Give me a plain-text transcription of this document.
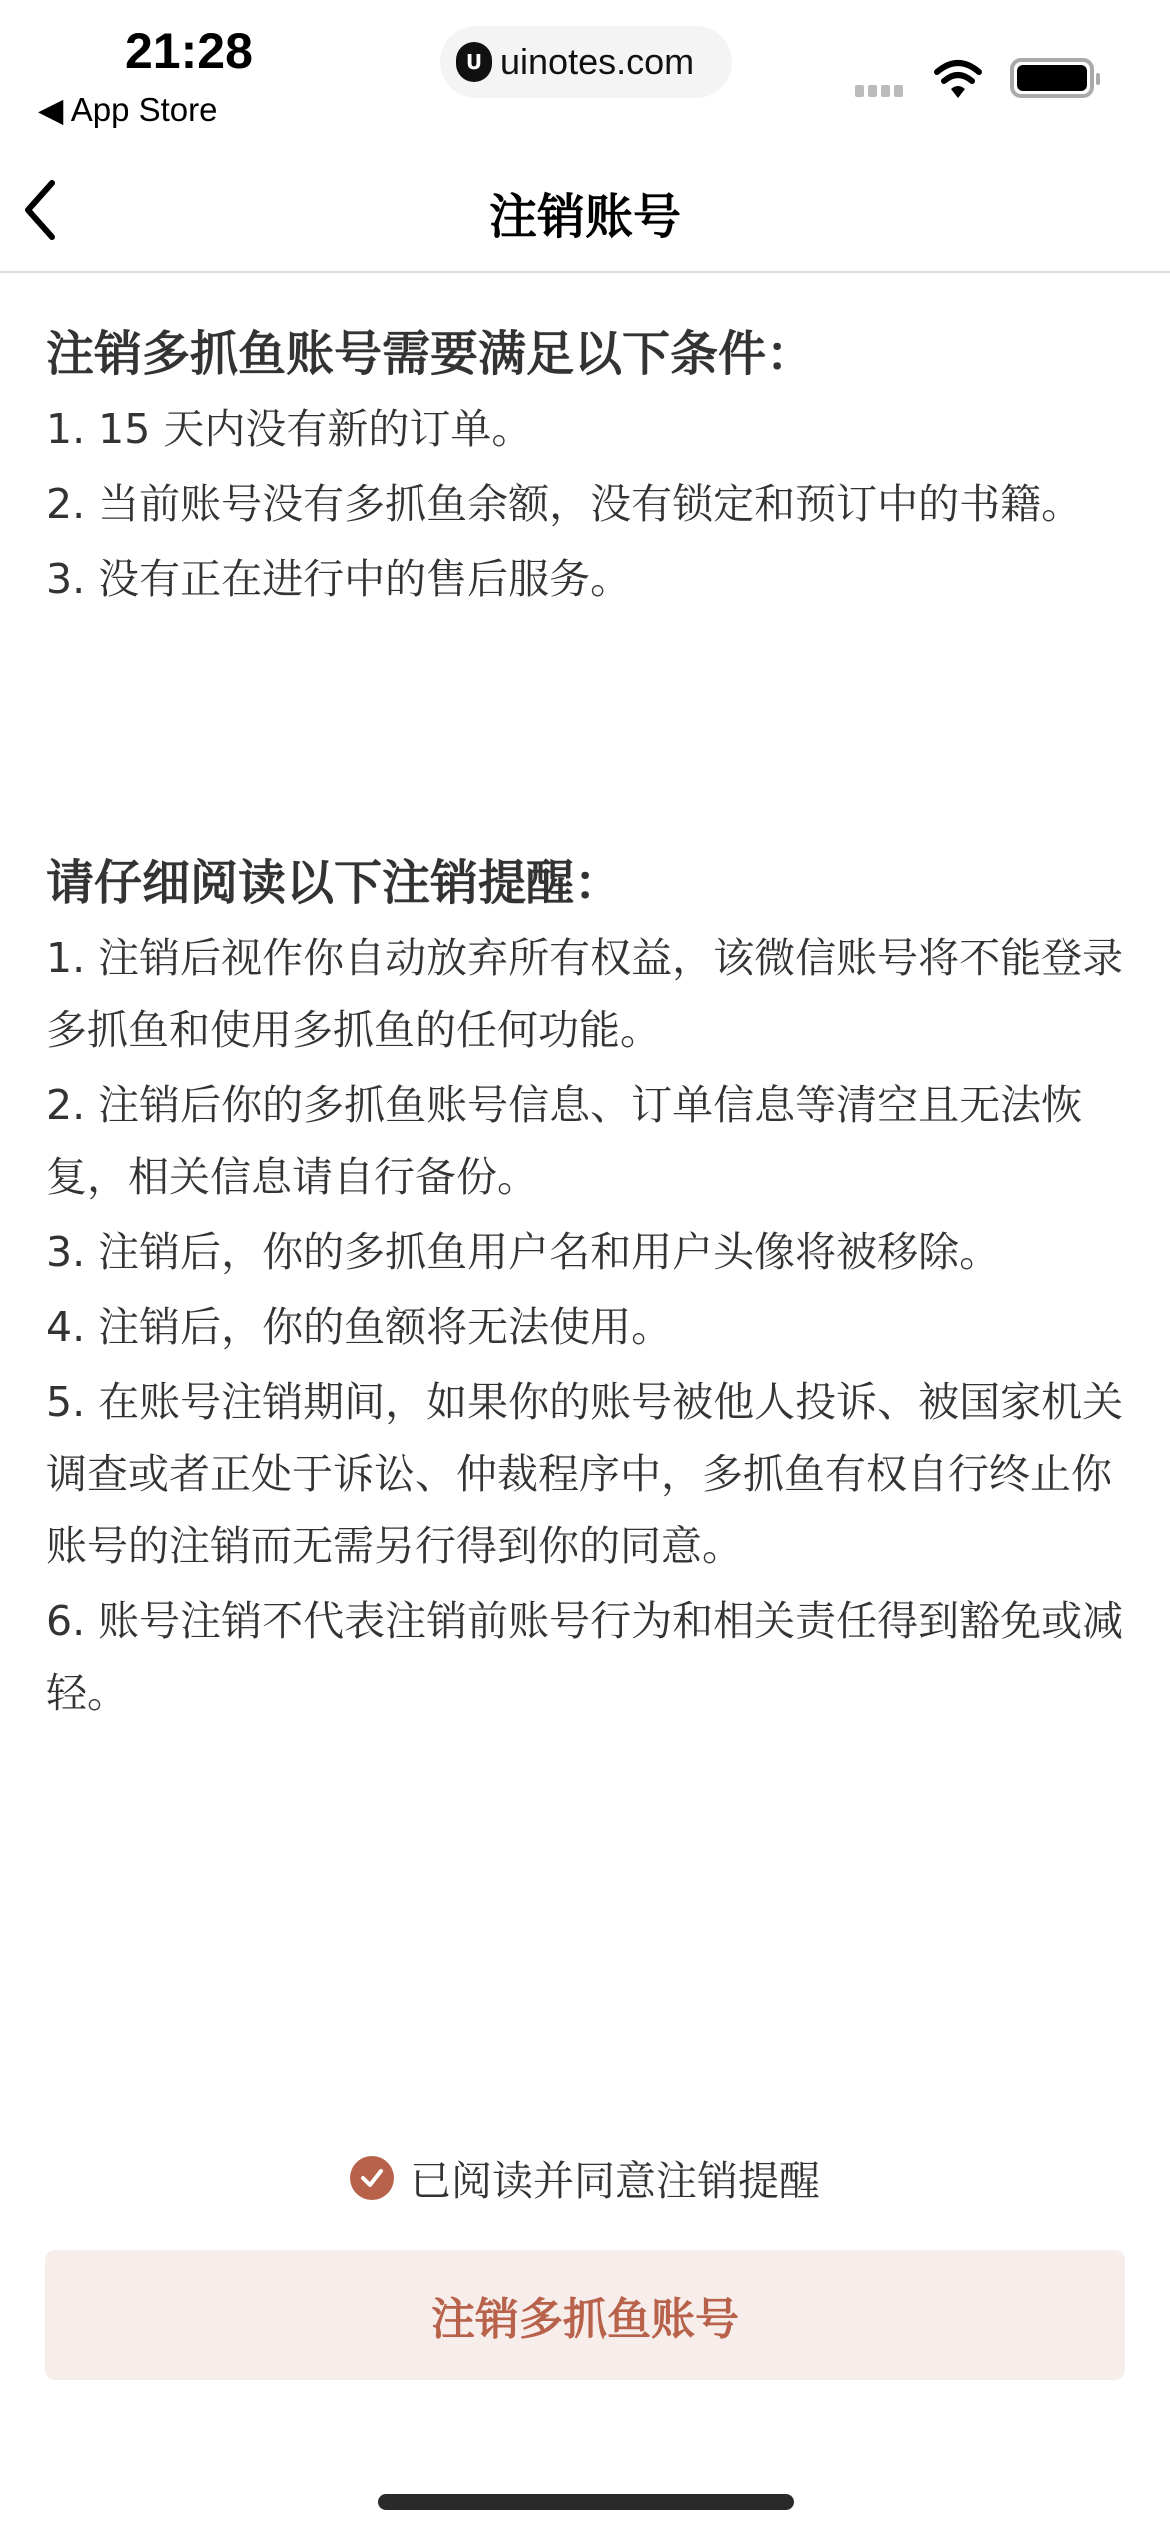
21:28
◀ App Store
U uinotes.com
注销账号
注销多抓鱼账号需要满足以下条件：

1. 15 天内没有新的订单。

2. 当前账号没有多抓鱼余额，没有锁定和预订中的书籍。

3. 没有正在进行中的售后服务。

请仔细阅读以下注销提醒：

1. 注销后视作你自动放弃所有权益，该微信账号将不能登录多抓鱼和使用多抓鱼的任何功能。

2. 注销后你的多抓鱼账号信息、订单信息等清空且无法恢复，相关信息请自行备份。

3. 注销后，你的多抓鱼用户名和用户头像将被移除。

4. 注销后，你的鱼额将无法使用。

5. 在账号注销期间，如果你的账号被他人投诉、被国家机关调查或者正处于诉讼、仲裁程序中，多抓鱼有权自行终止你账号的注销而无需另行得到你的同意。

6. 账号注销不代表注销前账号行为和相关责任得到豁免或减轻。

已阅读并同意注销提醒
注销多抓鱼账号
